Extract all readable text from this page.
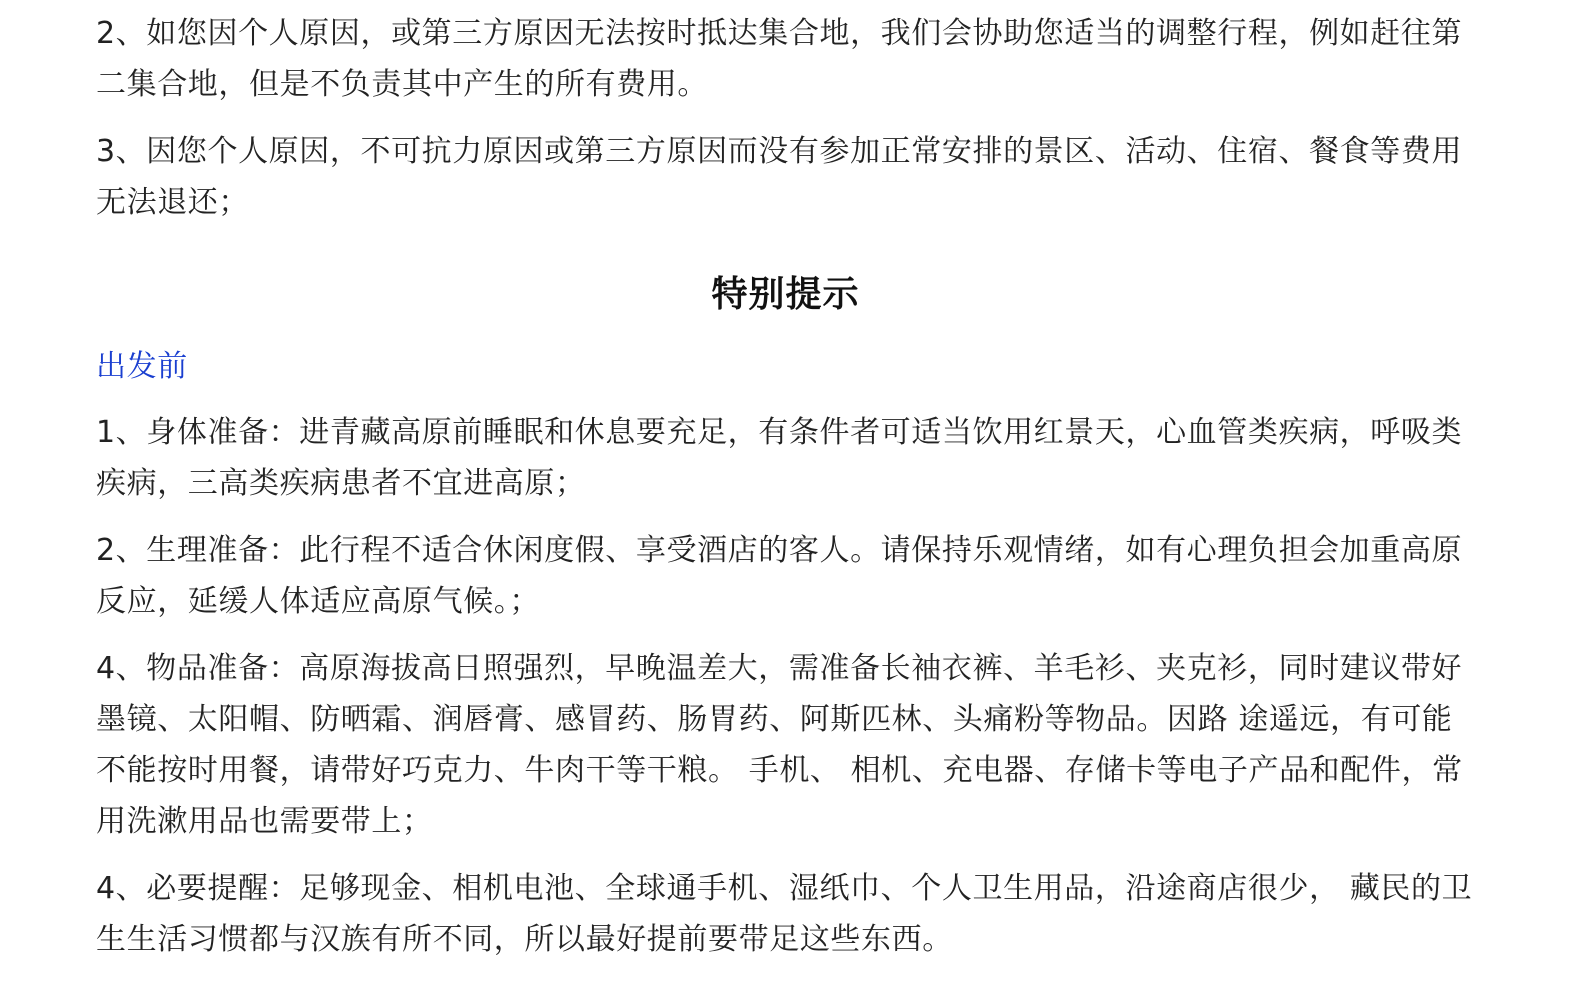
2、如您因个人原因，或第三方原因无法按时抵达集合地，我们会协助您适当的调整行程，例如赶往第二集合地，但是不负责其中产生的所有费用。

3、因您个人原因，不可抗力原因或第三方原因而没有参加正常安排的景区、活动、住宿、餐食等费用无法退还；

特别提示
出发前

1、身体准备：进青藏高原前睡眠和休息要充足，有条件者可适当饮用红景天，心血管类疾病，呼吸类疾病，三高类疾病患者不宜进高原；

2、生理准备：此行程不适合休闲度假、享受酒店的客人。请保持乐观情绪，如有心理负担会加重高原反应，延缓人体适应高原气候。；

4、物品准备：高原海拔高日照强烈，早晚温差大，需准备长袖衣裤、羊毛衫、夹克衫，同时建议带好墨镜、太阳帽、防晒霜、润唇膏、感冒药、肠胃药、阿斯匹林、头痛粉等物品。因路 途遥远，有可能不能按时用餐，请带好巧克力、牛肉干等干粮。 手机、 相机、充电器、存储卡等电子产品和配件，常用洗漱用品也需要带上；

4、必要提醒：足够现金、相机电池、全球通手机、湿纸巾、个人卫生用品，沿途商店很少， 藏民的卫生生活习惯都与汉族有所不同，所以最好提前要带足这些东西。
